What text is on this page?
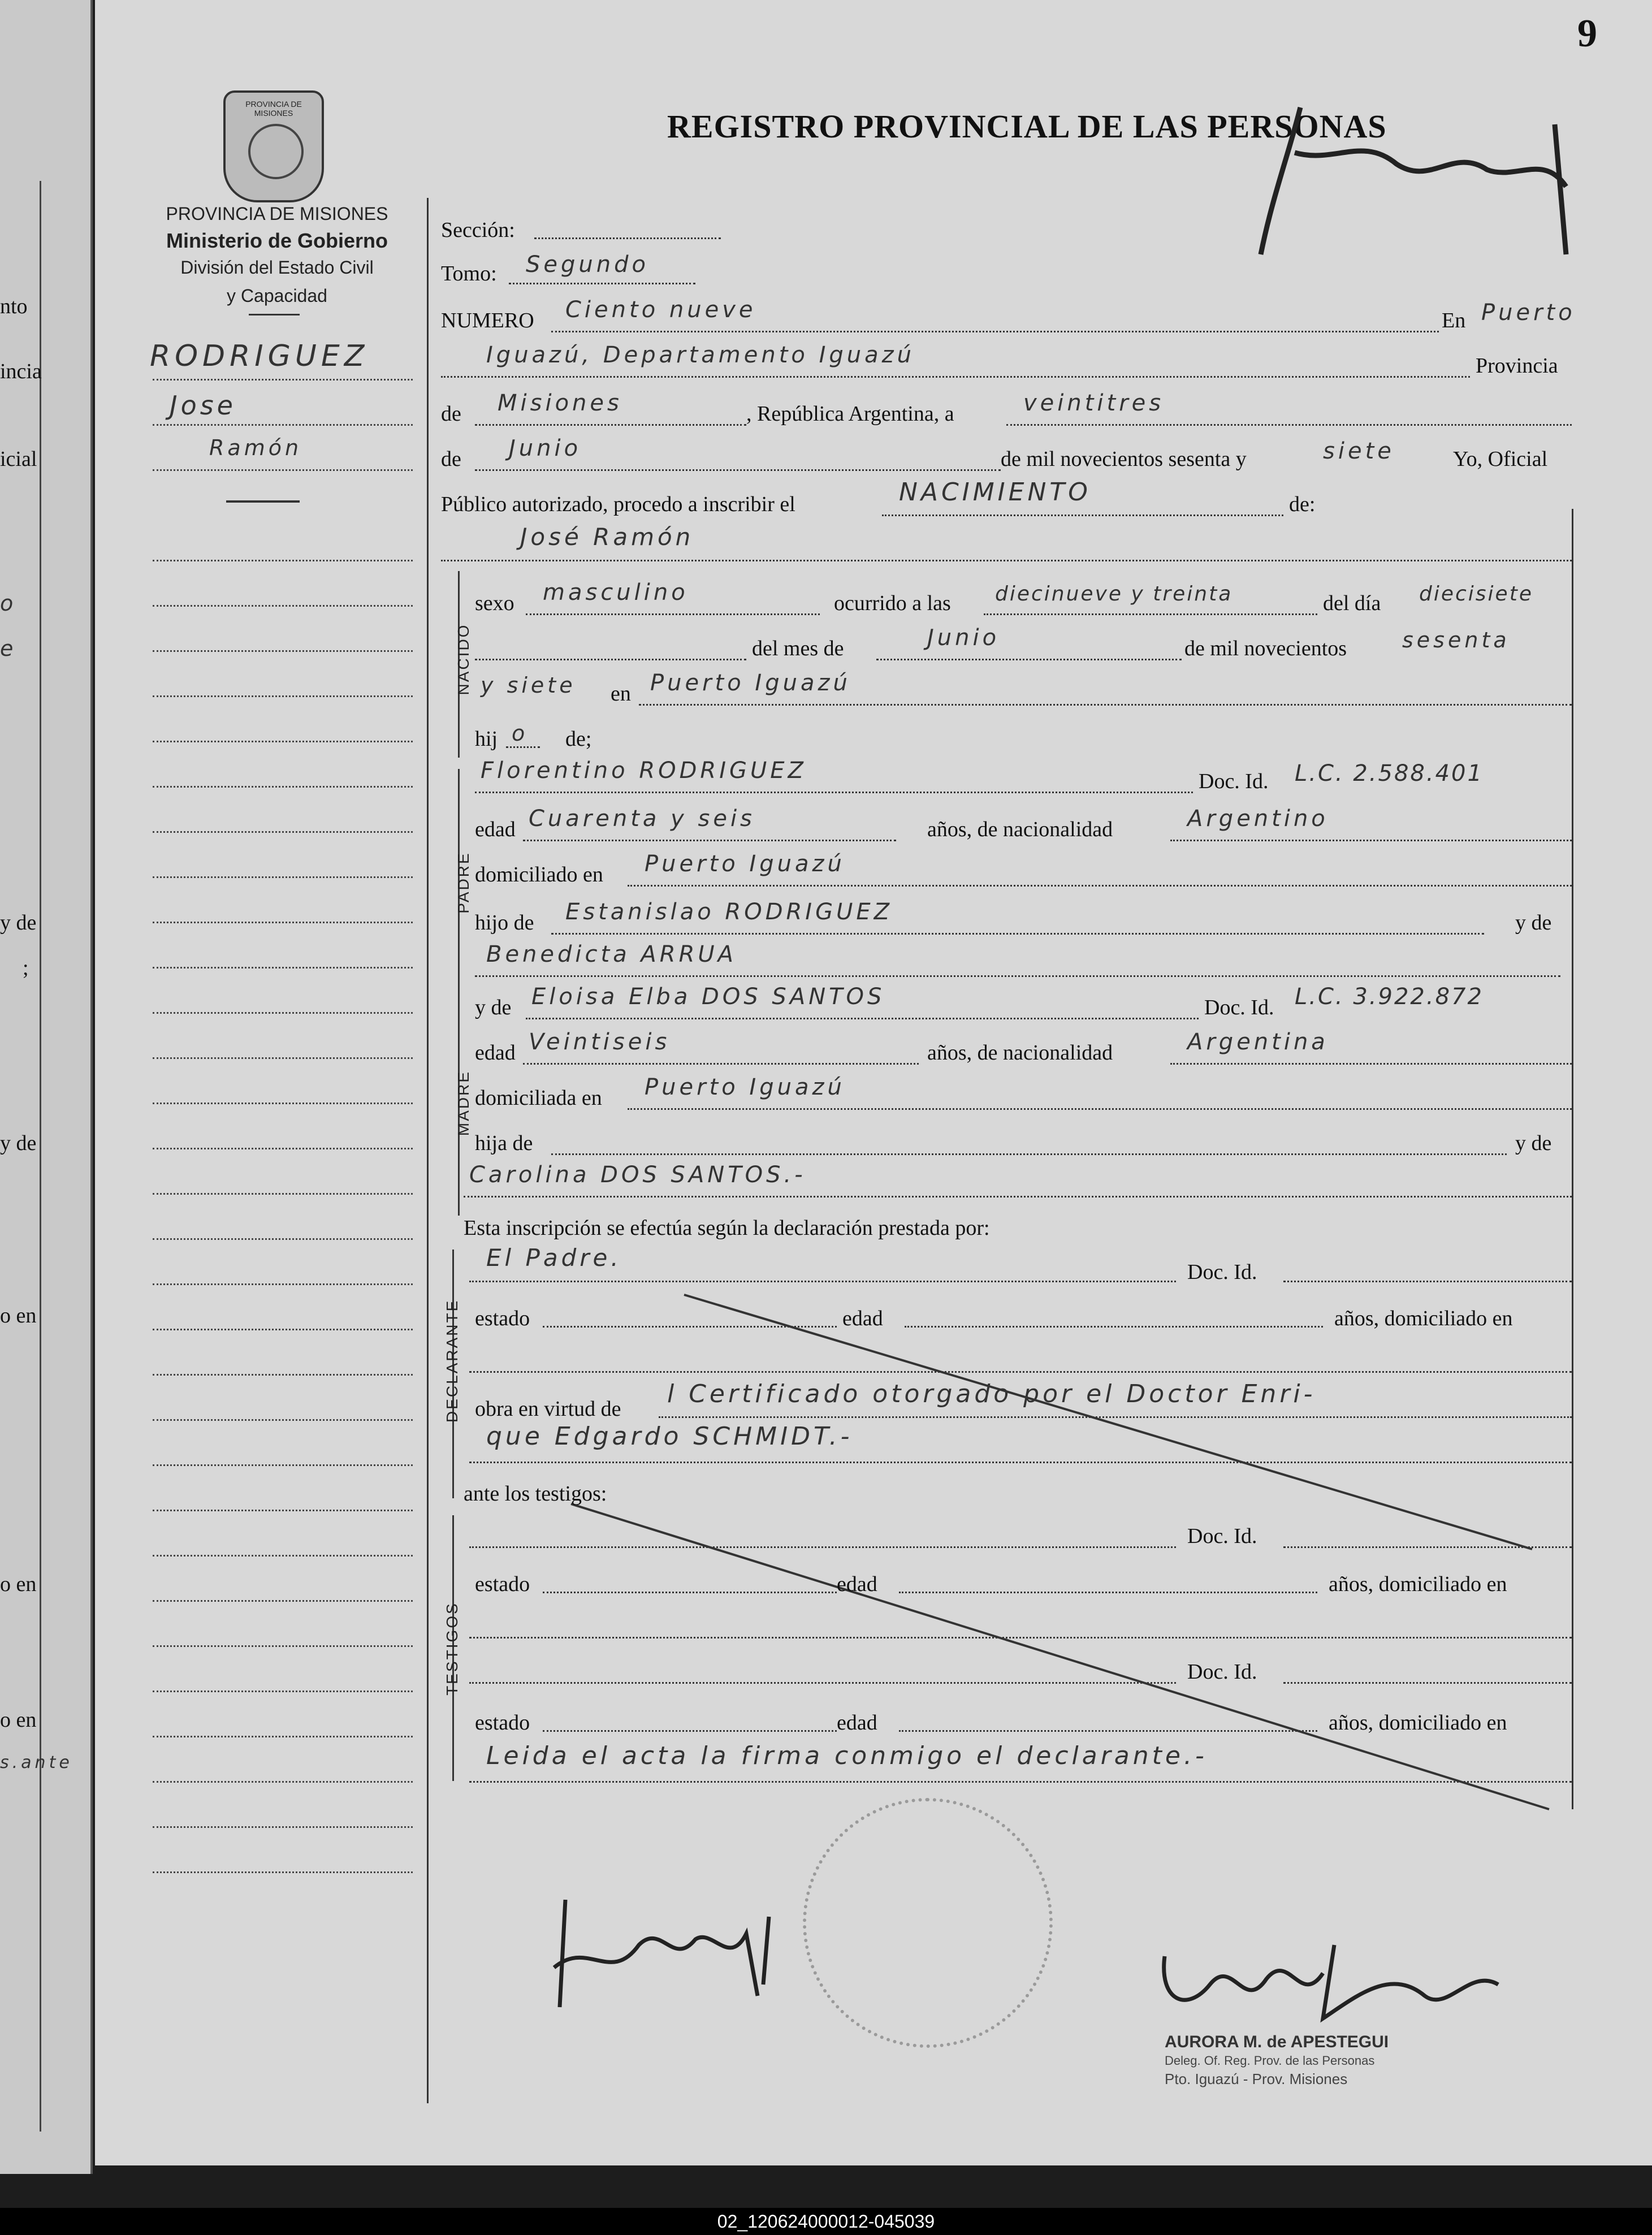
nto
incia
icial
o
e
y de
;
y de
o en
o en
o en
s.ante
9
PROVINCIA DE MISIONES
PROVINCIA DE MISIONES
Ministerio de Gobierno
División del Estado Civil
y Capacidad
REGISTRO PROVINCIAL DE LAS PERSONAS
RODRIGUEZ
Jose
Ramón
Sección:
Tomo: Segundo
NUMERO Ciento nueve	En Puerto
Iguazú, Departamento Iguazú	Provincia
de Misiones	, República Argentina, a	veintitres
de Junio	de mil novecientos sesenta y	siete	Yo, Oficial
Público autorizado, procedo a inscribir el	NACIMIENTO	de:
José Ramón
NACIDO
sexo masculino	ocurrido a las diecinueve y treinta	del día diecisiete
del mes de	Junio	de mil novecientos	sesenta
y siete en Puerto Iguazú
hij o de;
PADRE
Florentino RODRIGUEZ	Doc. Id. L.C. 2.588.401
edad Cuarenta y seis	años, de nacionalidad	Argentino
domiciliado en Puerto Iguazú
hijo de Estanislao RODRIGUEZ	y de
Benedicta ARRUA
MADRE
y de Eloisa Elba DOS SANTOS	Doc. Id. L.C. 3.922.872
edad Veintiseis	años, de nacionalidad	Argentina
domiciliada en Puerto Iguazú
hija de	y de
Carolina DOS SANTOS.-
Esta inscripción se efectúa según la declaración prestada por:
DECLARANTE
El Padre.
Doc. Id.
estado	edad	años, domiciliado en
obra en virtud de
l Certificado otorgado por el Doctor Enri-
que Edgardo SCHMIDT.-
ante los testigos:
TESTIGOS
Doc. Id.
estado	edad	años, domiciliado en
Doc. Id.
estado	edad	años, domiciliado en
Leida el acta la firma conmigo el declarante.-
AURORA M. de APESTEGUI
Deleg. Of. Reg. Prov. de las Personas
Pto. Iguazú - Prov. Misiones
02_120624000012-045039
